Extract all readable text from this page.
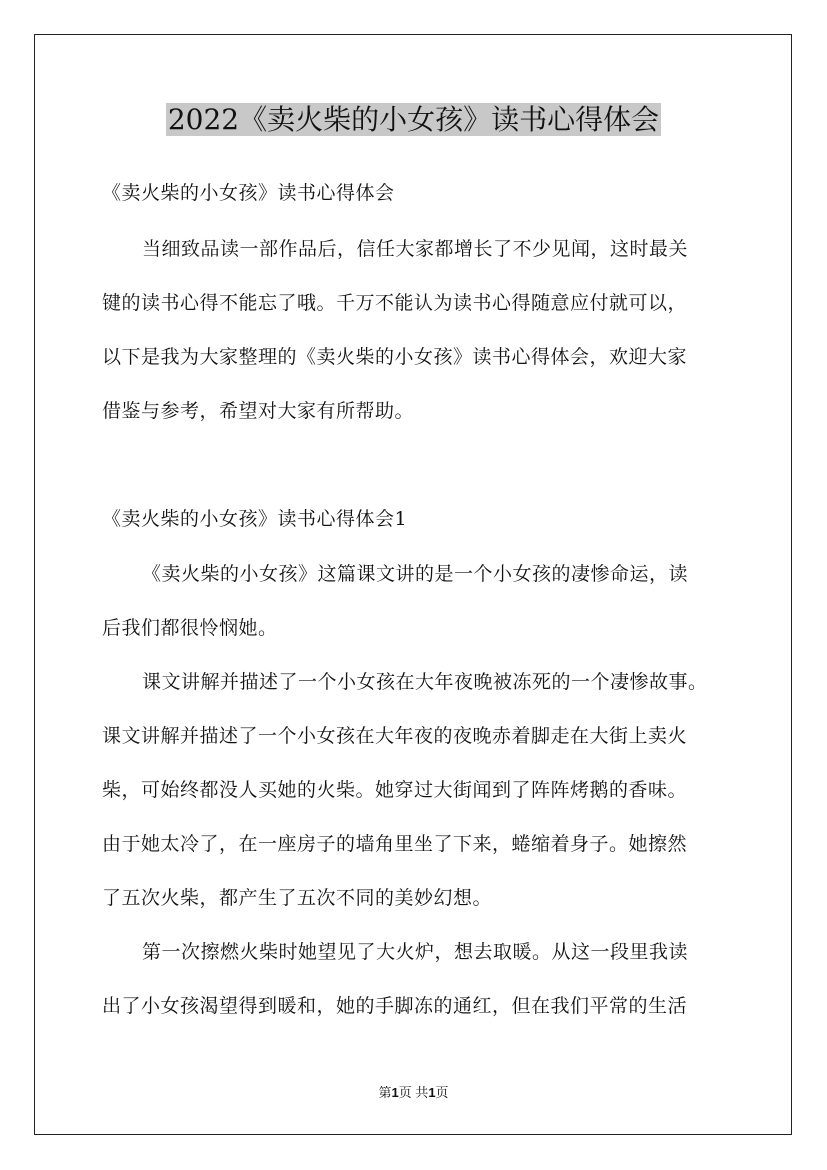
2022《卖火柴的小女孩》读书心得体会

《卖火柴的小女孩》读书心得体会

当细致品读一部作品后，信任大家都增长了不少见闻，这时最关

键的读书心得不能忘了哦。千万不能认为读书心得随意应付就可以，

以下是我为大家整理的《卖火柴的小女孩》读书心得体会，欢迎大家

借鉴与参考，希望对大家有所帮助。

《卖火柴的小女孩》读书心得体会1

《卖火柴的小女孩》这篇课文讲的是一个小女孩的凄惨命运，读

后我们都很怜悯她。

课文讲解并描述了一个小女孩在大年夜晚被冻死的一个凄惨故事。

课文讲解并描述了一个小女孩在大年夜的夜晚赤着脚走在大街上卖火

柴，可始终都没人买她的火柴。她穿过大街闻到了阵阵烤鹅的香味。

由于她太冷了，在一座房子的墙角里坐了下来，蜷缩着身子。她擦然

了五次火柴，都产生了五次不同的美妙幻想。

第一次擦燃火柴时她望见了大火炉，想去取暖。从这一段里我读

出了小女孩渴望得到暖和，她的手脚冻的通红，但在我们平常的生活

第1页 共1页
